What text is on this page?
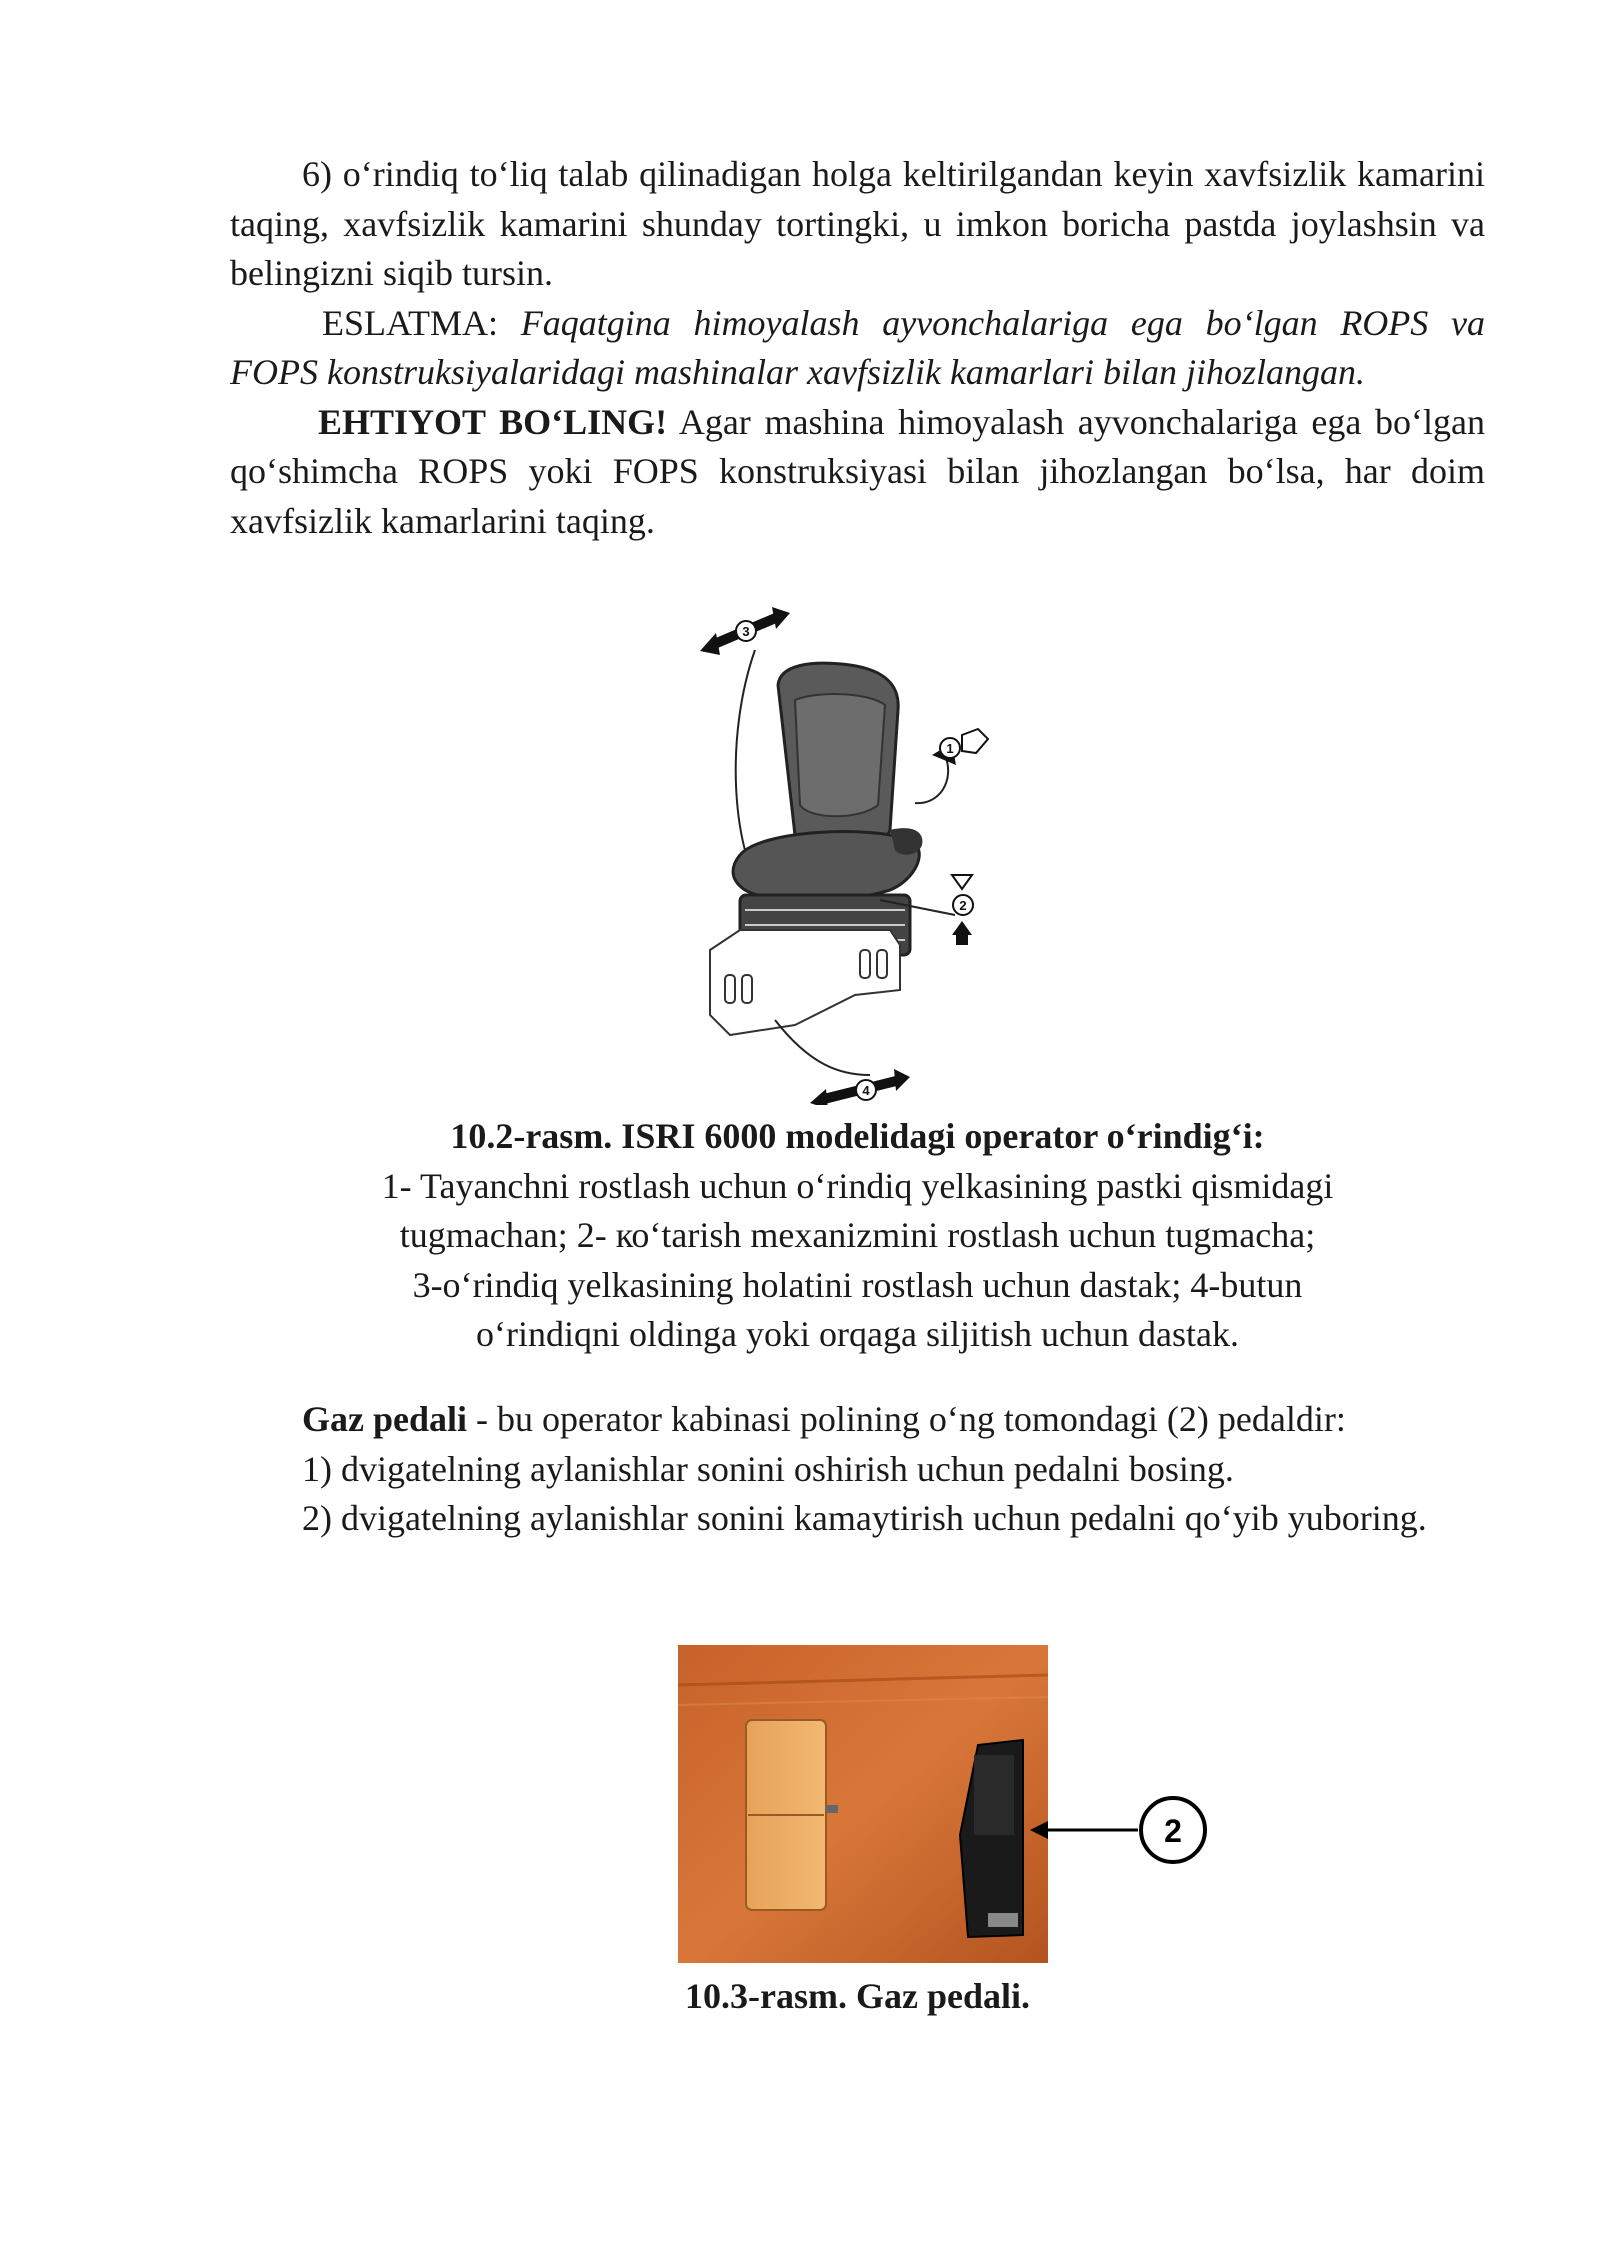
6) oʻrindiq toʻliq talab qilinadigan holga keltirilgandan keyin xavfsizlik kamarini taqing, xavfsizlik kamarini shunday tortingki, u imkon boricha pastda joylashsin va belingizni siqib tursin.

ESLATMA: Faqatgina himoyalash ayvonchalariga ega boʻlgan ROPS va FOPS konstruksiyalaridagi mashinalar xavfsizlik kamarlari bilan jihozlangan.

EHTIYOT BOʻLING! Agar mashina himoyalash ayvonchalariga ega boʻlgan qoʻshimcha ROPS yoki FOPS konstruksiyasi bilan jihozlangan boʻlsa, har doim xavfsizlik kamarlarini taqing.

3
1
2
4

10.2-rasm. ISRI 6000 modelidagi operator oʻrindigʻi:

1- Tayanchni rostlash uchun oʻrindiq yelkasining pastki qismidagi

tugmachan; 2- коʻtarish mexanizmini rostlash uchun tugmacha;

3-oʻrindiq yelkasining holatini rostlash uchun dastak; 4-butun

oʻrindiqni oldinga yoki orqaga siljitish uchun dastak.

Gaz pedali - bu operator kabinasi polining oʻng tomondagi (2) pedaldir:

1) dvigatelning aylanishlar sonini oshirish uchun pedalni bosing.

2) dvigatelning aylanishlar sonini kamaytirish uchun pedalni qoʻyib yuboring.

2

10.3-rasm. Gaz pedali.
